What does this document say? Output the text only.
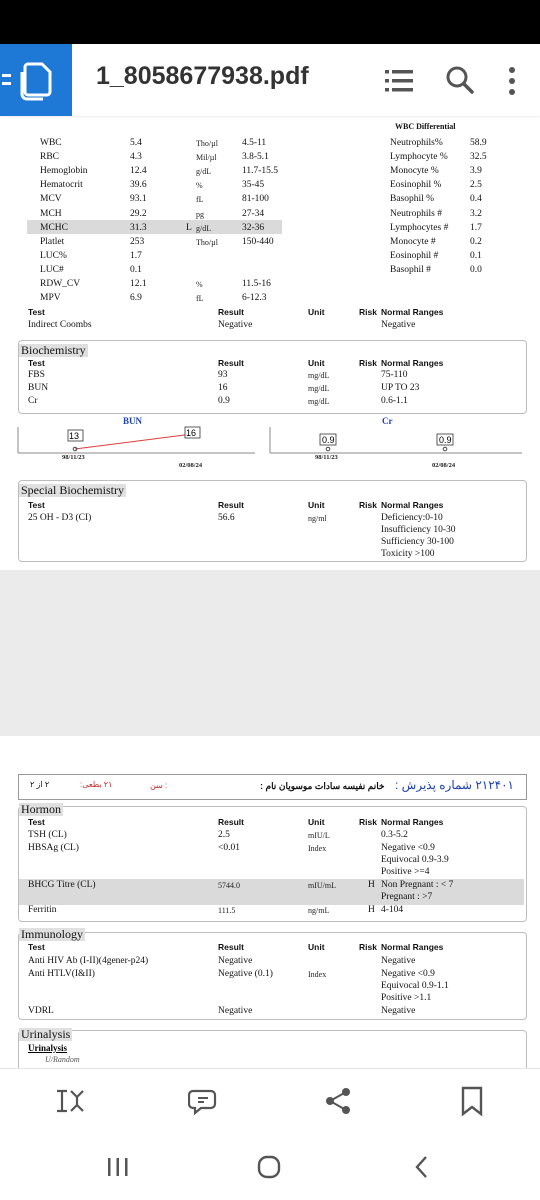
1_8058677938.pdf
WBC Differential
WBC	5.4	Tho/µl	4.5-11
RBC	4.3	Mil/µl	3.8-5.1
Hemoglobin	12.4	g/dL	11.7-15.5
Hematocrit	39.6	%	35-45
MCV	93.1	fL	81-100
MCH	29.2	pg	27-34
MCHC	31.3	L g/dL	32-36
Platlet	253	Tho/µl	150-440
LUC%	1.7
LUC#	0.1
RDW_CV	12.1	%	11.5-16
MPV	6.9	fL	6-12.3
Neutrophils%	58.9
Lymphocyte % 32.5
Monocyte %	3.9
Eosinophil %	2.5
Basophil %	0.4
Neutrophils #	3.2
Lymphocytes # 1.7
Monocyte #	0.2
Eosinophil #	0.1
Basophil #	0.0
Test	Result	Unit	Risk Normal Ranges
Indirect Coombs	Negative	Negative
Biochemistry
Test	Result	Unit	Risk Normal Ranges
FBS	93	mg/dL	75-110
BUN	16	mg/dL	UP TO 23
Cr	0.9	mg/dL	0.6-1.1
BUN	Cr
13	16
0.9	0.9
98/11/23
02/08/24
98/11/23
02/08/24
Special Biochemistry
Test	Result	Unit	Risk Normal Ranges
25 OH - D3 (CI)	56.6	ng/ml	Deficiency:0-10
Insufficiency 10-30
Sufficiency 30-100
Toxicity >100
۲۱۲۴۰۱ شماره پذیرش :
خانم نفیسه سادات موسویان نام :
سن :
۲۱ بطعی:
۲ از ۲
Hormon
Test	Result	Unit	Risk Normal Ranges
TSH (CL)	2.5	mIU/L	0.3-5.2
HBSAg (CL)	<0.01	Index	Negative <0.9
Equivocal 0.9-3.9
Positive >=4
BHCG Titre (CL)	5744.0	mIU/mL	H Non Pregnant : < 7
Pregnant : >7
Ferritin	111.5	ng/mL	H 4-104
Immunology
Test	Result	Unit	Risk Normal Ranges
Anti HIV Ab (I-II)(4gener-p24)	Negative	Negative
Anti HTLV(I&II)	Negative (0.1)	Index	Negative <0.9
Equivocal 0.9-1.1
Positive >1.1
VDRL	Negative	Negative
Urinalysis
Urinalysis
U/Random
